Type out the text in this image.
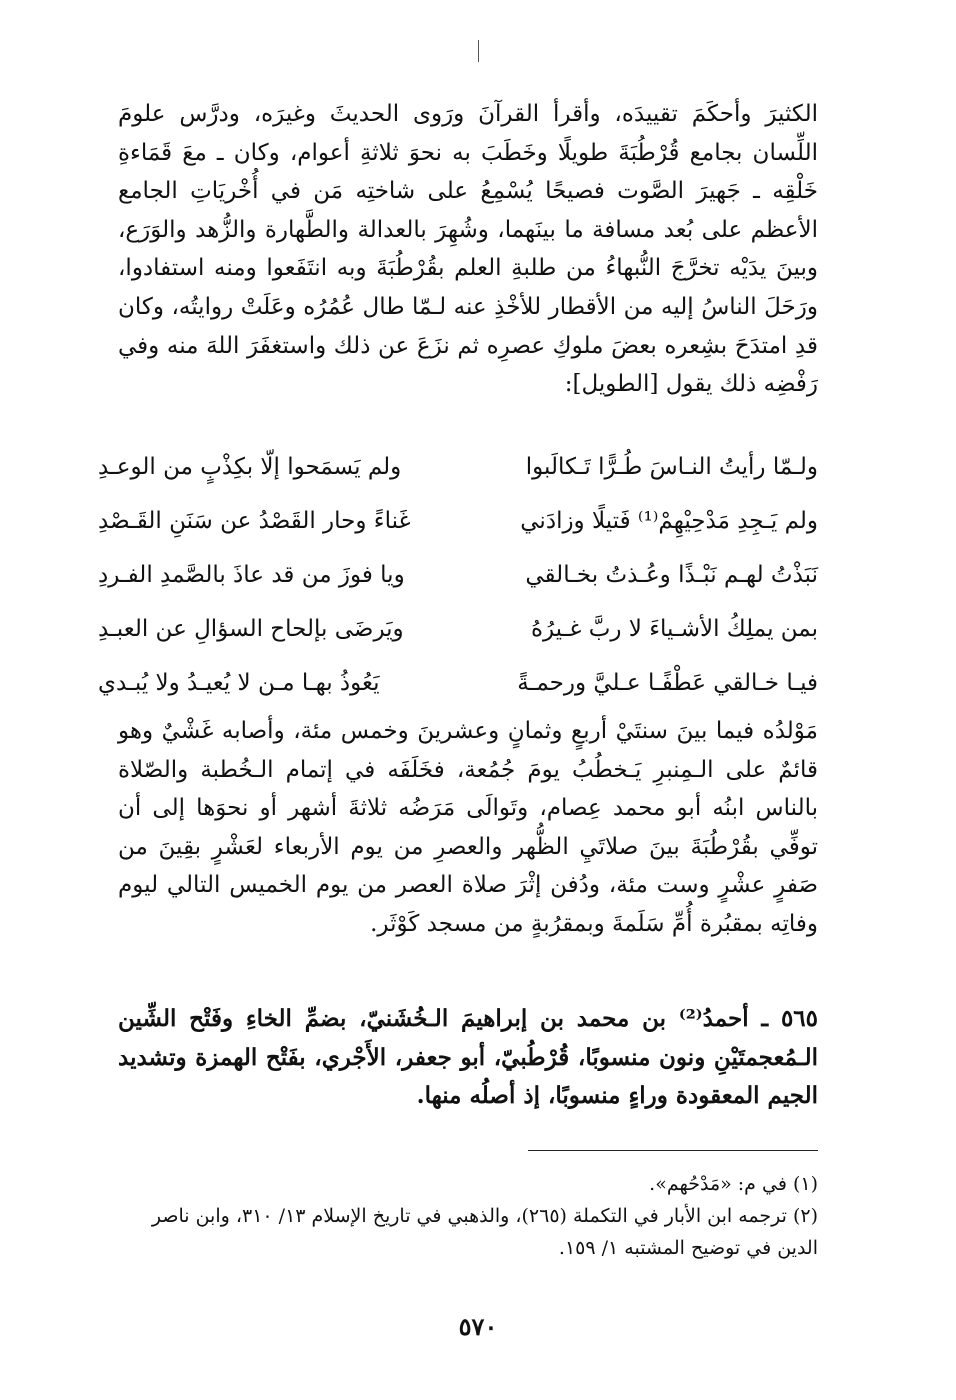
الكثيرَ وأحكَمَ تقييدَه، وأقرأ القرآنَ ورَوى الحديثَ وغيرَه، ودرَّس علومَ اللِّسان بجامع قُرْطُبَةَ طويلًا وخَطَبَ به نحوَ ثلاثةِ أعوام، وكان ـ معَ قَمَاءةِ خَلْقِه ـ جَهيرَ الصَّوت فصيحًا يُسْمِعُ على شاختِه مَن في أُخْريَاتِ الجامع الأعظم على بُعد مسافة ما بينَهما، وشُهِرَ بالعدالة والطَّهارة والزُّهد والوَرَع، وبينَ يدَيْه تخرَّجَ النُّبهاءُ من طلبةِ العلم بقُرْطُبَةَ وبه انتَفَعوا ومنه استفادوا، ورَحَلَ الناسُ إليه من الأقطار للأخْذِ عنه لـمّا طال عُمُرُه وعَلَتْ روايتُه، وكان قدِ امتدَحَ بشِعره بعضَ ملوكِ عصرِه ثم نزَعَ عن ذلك واستغفَرَ اللهَ منه وفي رَفْضِه ذلك يقول [الطويل]:

ولـمّا رأيتُ النـاسَ طُـرًّا تَـكالَبوا
ولم يَسمَحوا إلّا بكِذْبٍ من الوعـدِ
ولم يَـجِدِ مَدْحِيْهِمْ⁽¹⁾ فَتيلًا وزادَني
غَناءً وحار القَصْدُ عن سَنَنِ القَـصْدِ
نَبَذْتُ لهـم نَبْـذًا وعُـذتُ بخـالقي
ويا فوزَ من قد عاذَ بالصَّمدِ الفـردِ
بمن يملِكُ الأشـياءَ لا ربَّ غـيرُهُ
ويَرضَى بإلحاح السؤالِ عن العبـدِ
فيـا خـالقي عَطْفًـا عـليَّ ورحمـةً
يَعُوذُ بهـا مـن لا يُعيـدُ ولا يُبـدي

مَوْلدُه فيما بينَ سنتَيْ أربعٍ وثمانٍ وعشرينَ وخمس مئة، وأصابه غَشْيٌ وهو قائمٌ على الـمِنبرِ يَـخطُبُ يومَ جُمُعة، فخَلَفَه في إتمام الـخُطبة والصّلاة بالناس ابنُه أبو محمد عِصام، وتَوالَى مَرَضُه ثلاثةَ أشهر أو نحوَها إلى أن توفِّي بقُرْطُبَةَ بينَ صلاتَيِ الظُّهر والعصرِ من يوم الأربعاء لعَشْرٍ بقِينَ من صَفرٍ عشْرٍ وست مئة، ودُفن إثْرَ صلاة العصر من يوم الخميس التالي ليوم وفاتِه بمقبُرة أُمِّ سَلَمةَ وبمقرُبةٍ من مسجد كَوْثَر.

٥٦٥ ـ أحمدُ⁽²⁾ بن محمد بن إبراهيمَ الـخُشَنيّ، بضمِّ الخاءِ وفَتْح الشِّين الـمُعجمتَيْنِ ونون منسوبًا، قُرْطُبيّ، أبو جعفر، الأَجْري، بفَتْح الهمزة وتشديد الجيم المعقودة وراءٍ منسوبًا، إذ أصلُه منها.

(١) في م: «مَدْحُهم».

(٢) ترجمه ابن الأبار في التكملة (٢٦٥)، والذهبي في تاريخ الإسلام ١٣/ ٣١٠، وابن ناصر الدين في توضيح المشتبه ١/ ١٥٩.

٥٧٠
